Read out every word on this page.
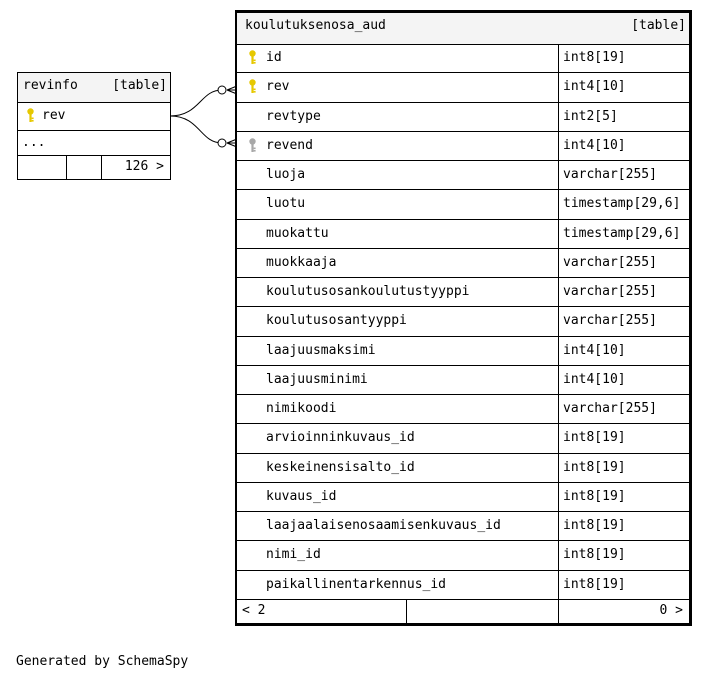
revinfo	[table]
rev
...
126 >
koulutuksenosa_aud	[table]
id	int8[19]
rev	int4[10]
revtype	int2[5]
revend	int4[10]
luoja	varchar[255]
luotu	timestamp[29,6]
muokattu	timestamp[29,6]
muokkaaja	varchar[255]
koulutusosankoulutustyyppi	varchar[255]
koulutusosantyyppi	varchar[255]
laajuusmaksimi	int4[10]
laajuusminimi	int4[10]
nimikoodi	varchar[255]
arvioinninkuvaus_id	int8[19]
keskeinensisalto_id	int8[19]
kuvaus_id	int8[19]
laajaalaisenosaamisenkuvaus_id	int8[19]
nimi_id	int8[19]
paikallinentarkennus_id	int8[19]
< 2	0 >
Generated by SchemaSpy
